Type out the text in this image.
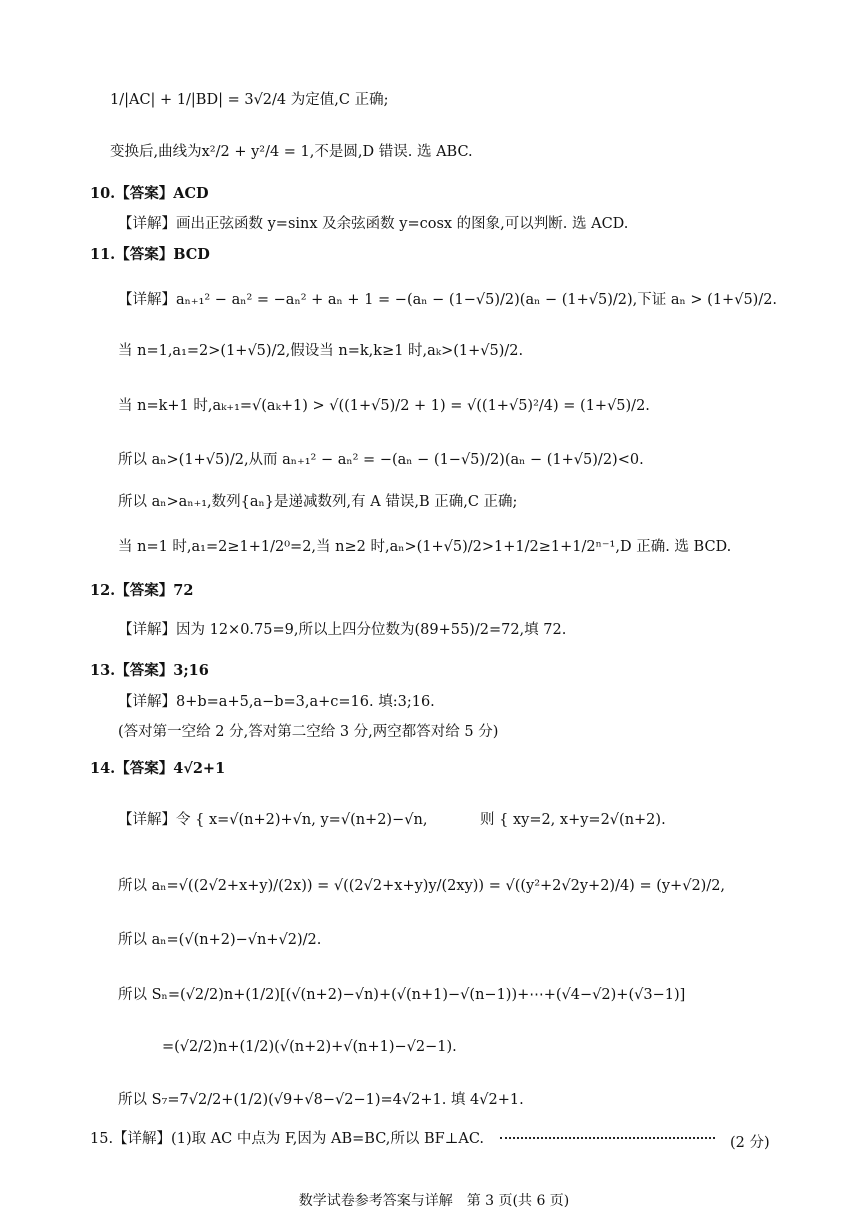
1/|AC| + 1/|BD| = 3√2/4 为定值,C 正确;
变换后,曲线为x²/2 + y²/4 = 1,不是圆,D 错误. 选 ABC.
10.【答案】ACD
【详解】画出正弦函数 y=sinx 及余弦函数 y=cosx 的图象,可以判断. 选 ACD.
11.【答案】BCD
【详解】aₙ₊₁² − aₙ² = −aₙ² + aₙ + 1 = −(aₙ − (1−√5)/2)(aₙ − (1+√5)/2),下证 aₙ > (1+√5)/2.
当 n=1,a₁=2>(1+√5)/2,假设当 n=k,k≥1 时,aₖ>(1+√5)/2.
当 n=k+1 时,aₖ₊₁=√(aₖ+1) > √((1+√5)/2 + 1) = √((1+√5)²/4) = (1+√5)/2.
所以 aₙ>(1+√5)/2,从而 aₙ₊₁² − aₙ² = −(aₙ − (1−√5)/2)(aₙ − (1+√5)/2)<0.
所以 aₙ>aₙ₊₁,数列{aₙ}是递减数列,有 A 错误,B 正确,C 正确;
当 n=1 时,a₁=2≥1+1/2⁰=2,当 n≥2 时,aₙ>(1+√5)/2>1+1/2≥1+1/2ⁿ⁻¹,D 正确. 选 BCD.
12.【答案】72
【详解】因为 12×0.75=9,所以上四分位数为(89+55)/2=72,填 72.
13.【答案】3;16
【详解】8+b=a+5,a−b=3,a+c=16. 填:3;16.
(答对第一空给 2 分,答对第二空给 3 分,两空都答对给 5 分)
14.【答案】4√2+1
【详解】令 { x=√(n+2)+√n, y=√(n+2)−√n,	则 { xy=2, x+y=2√(n+2).
所以 aₙ=√((2√2+x+y)/(2x)) = √((2√2+x+y)y/(2xy)) = √((y²+2√2y+2)/4) = (y+√2)/2,
所以 aₙ=(√(n+2)−√n+√2)/2.
所以 Sₙ=(√2/2)n+(1/2)[(√(n+2)−√n)+(√(n+1)−√(n−1))+⋯+(√4−√2)+(√3−1)]
=(√2/2)n+(1/2)(√(n+2)+√(n+1)−√2−1).
所以 S₇=7√2/2+(1/2)(√9+√8−√2−1)=4√2+1. 填 4√2+1.
15.【详解】(1)取 AC 中点为 F,因为 AB=BC,所以 BF⊥AC.	(2 分)
数学试卷参考答案与详解　第 3 页(共 6 页)
